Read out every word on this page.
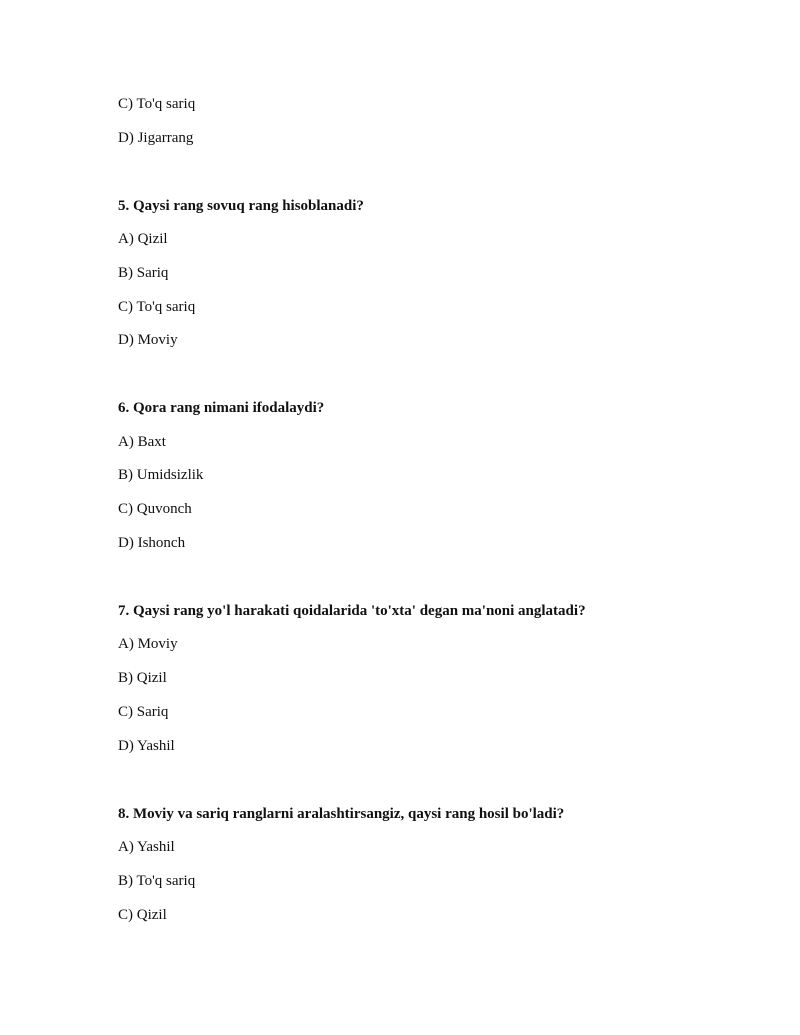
C) To'q sariq
D) Jigarrang
5. Qaysi rang sovuq rang hisoblanadi?
A) Qizil
B) Sariq
C) To'q sariq
D) Moviy
6. Qora rang nimani ifodalaydi?
A) Baxt
B) Umidsizlik
C) Quvonch
D) Ishonch
7. Qaysi rang yo'l harakati qoidalarida 'to'xta' degan ma'noni anglatadi?
A) Moviy
B) Qizil
C) Sariq
D) Yashil
8. Moviy va sariq ranglarni aralashtirsangiz, qaysi rang hosil bo'ladi?
A) Yashil
B) To'q sariq
C) Qizil
